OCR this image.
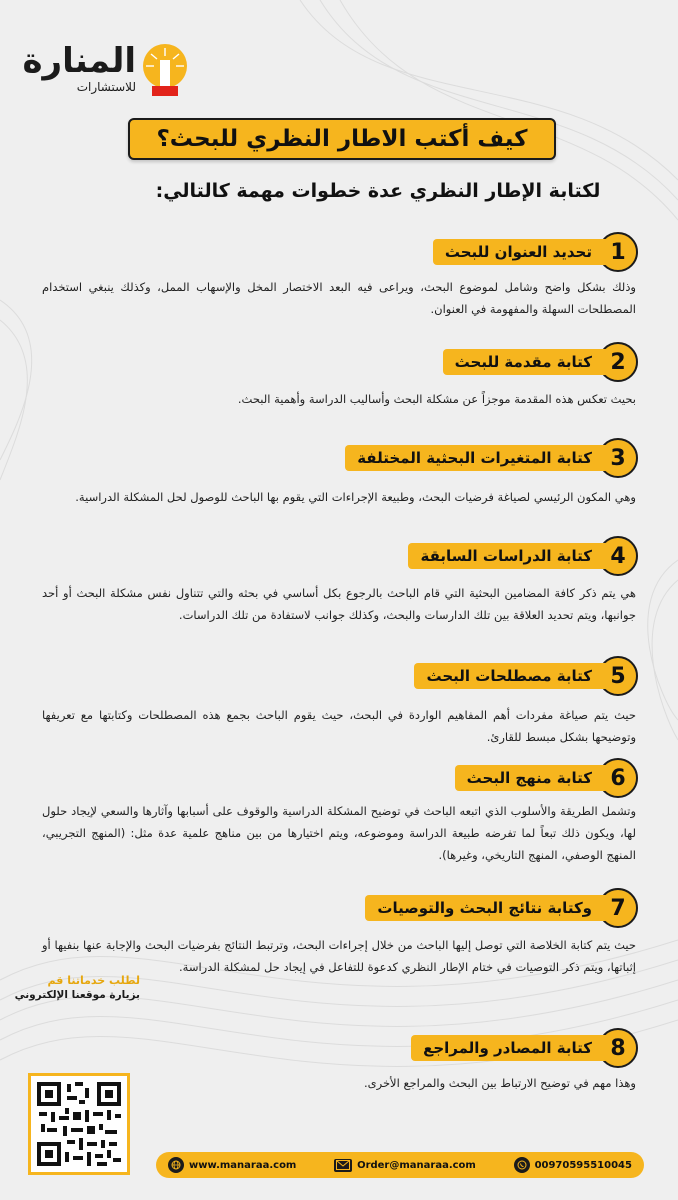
المنارة
للاستشارات
كيف أكتب الاطار النظري للبحث؟
لكتابة الإطار النظري عدة خطوات مهمة كالتالي:
1
تحديد العنوان للبحث
وذلك بشكل واضح وشامل لموضوع البحث، ويراعى فيه البعد الاختصار المخل والإسهاب الممل، وكذلك ينبغي استخدام المصطلحات السهلة والمفهومة في العنوان.
2
كتابة مقدمة للبحث
بحيث تعكس هذه المقدمة موجزاً عن مشكلة البحث وأساليب الدراسة وأهمية البحث.
3
كتابة المتغيرات البحثية المختلفة
وهي المكون الرئيسي لصياغة فرضيات البحث، وطبيعة الإجراءات التي يقوم بها الباحث للوصول لحل المشكلة الدراسية.
4
كتابة الدراسات السابقة
هي يتم ذكر كافة المضامين البحثية التي قام الباحث بالرجوع بكل أساسي في بحثه والتي تتناول نفس مشكلة البحث أو أحد جوانبها، ويتم تحديد العلاقة بين تلك الدارسات والبحث، وكذلك جوانب لاستفادة من تلك الدراسات.
5
كتابة مصطلحات البحث
حيث يتم صياغة مفردات أهم المفاهيم الواردة في البحث، حيث يقوم الباحث بجمع هذه المصطلحات وكتابتها مع تعريفها وتوضيحها بشكل مبسط للقارئ.
6
كتابة منهج البحث
وتشمل الطريقة والأسلوب الذي اتبعه الباحث في توضيح المشكلة الدراسية والوقوف على أسبابها وآثارها والسعي لإيجاد حلول لها، ويكون ذلك تبعاً لما تفرضه طبيعة الدراسة وموضوعه، ويتم اختيارها من بين مناهج علمية عدة مثل: (المنهج التجريبي، المنهج الوصفي، المنهج التاريخي، وغيرها).
7
وكتابة نتائج البحث والتوصيات
حيث يتم كتابة الخلاصة التي توصل إليها الباحث من خلال إجراءات البحث، وترتبط النتائج بفرضيات البحث والإجابة عنها بنفيها أو إثباتها، ويتم ذكر التوصيات في ختام الإطار النظري كدعوة للتفاعل في إيجاد حل لمشكلة الدراسة.
8
كتابة المصادر والمراجع
وهذا مهم في توضيح الارتباط بين البحث والمراجع الأخرى.
لطلب خدماتنا قم
بزيارة موقعنا الإلكتروني
www.manaraa.com	Order@manaraa.com	00970595510045
